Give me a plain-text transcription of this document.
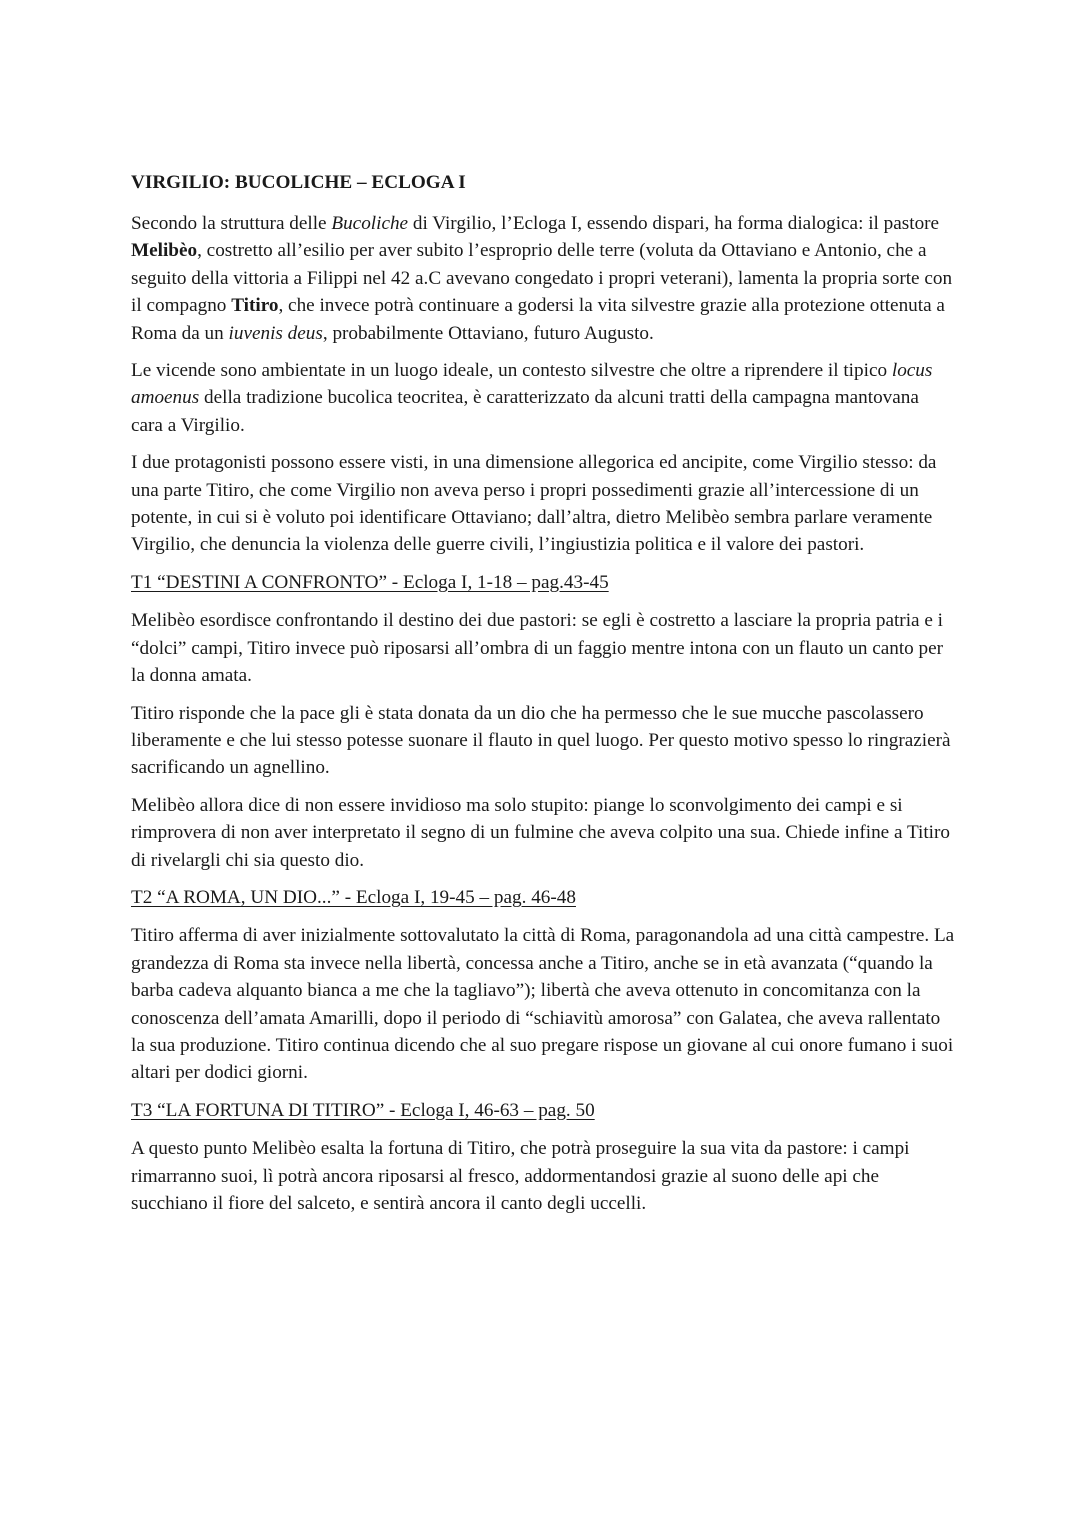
VIRGILIO: BUCOLICHE – ECLOGA I

Secondo la struttura delle Bucoliche di Virgilio, l’Ecloga I, essendo dispari, ha forma dialogica: il pastore Melibèo, costretto all’esilio per aver subito l’esproprio delle terre (voluta da Ottaviano e Antonio, che a seguito della vittoria a Filippi nel 42 a.C avevano congedato i propri veterani), lamenta la propria sorte con il compagno Titiro, che invece potrà continuare a godersi la vita silvestre grazie alla protezione ottenuta a Roma da un iuvenis deus, probabilmente Ottaviano, futuro Augusto.

Le vicende sono ambientate in un luogo ideale, un contesto silvestre che oltre a riprendere il tipico locus amoenus della tradizione bucolica teocritea, è caratterizzato da alcuni tratti della campagna mantovana cara a Virgilio.

I due protagonisti possono essere visti, in una dimensione allegorica ed ancipite, come Virgilio stesso: da una parte Titiro, che come Virgilio non aveva perso i propri possedimenti grazie all’intercessione di un potente, in cui si è voluto poi identificare Ottaviano; dall’altra, dietro Melibèo sembra parlare veramente Virgilio, che denuncia la violenza delle guerre civili, l’ingiustizia politica e il valore dei pastori.

T1 “DESTINI A CONFRONTO” - Ecloga I, 1-18 – pag.43-45

Melibèo esordisce confrontando il destino dei due pastori: se egli è costretto a lasciare la propria patria e i “dolci” campi, Titiro invece può riposarsi all’ombra di un faggio mentre intona con un flauto un canto per la donna amata.

Titiro risponde che la pace gli è stata donata da un dio che ha permesso che le sue mucche pascolassero liberamente e che lui stesso potesse suonare il flauto in quel luogo. Per questo motivo spesso lo ringrazierà sacrificando un agnellino.

Melibèo allora dice di non essere invidioso ma solo stupito: piange lo sconvolgimento dei campi e si rimprovera di non aver interpretato il segno di un fulmine che aveva colpito una sua. Chiede infine a Titiro di rivelargli chi sia questo dio.

T2 “A ROMA, UN DIO...” - Ecloga I, 19-45 – pag. 46-48

Titiro afferma di aver inizialmente sottovalutato la città di Roma, paragonandola ad una città campestre. La grandezza di Roma sta invece nella libertà, concessa anche a Titiro, anche se in età avanzata (“quando la barba cadeva alquanto bianca a me che la tagliavo”); libertà che aveva ottenuto in concomitanza con la conoscenza dell’amata Amarilli, dopo il periodo di “schiavitù amorosa” con Galatea, che aveva rallentato la sua produzione. Titiro continua dicendo che al suo pregare rispose un giovane al cui onore fumano i suoi altari per dodici giorni.

T3 “LA FORTUNA DI TITIRO” - Ecloga I, 46-63 – pag. 50

A questo punto Melibèo esalta la fortuna di Titiro, che potrà proseguire la sua vita da pastore: i campi rimarranno suoi, lì potrà ancora riposarsi al fresco, addormentandosi grazie al suono delle api che succhiano il fiore del salceto, e sentirà ancora il canto degli uccelli.
